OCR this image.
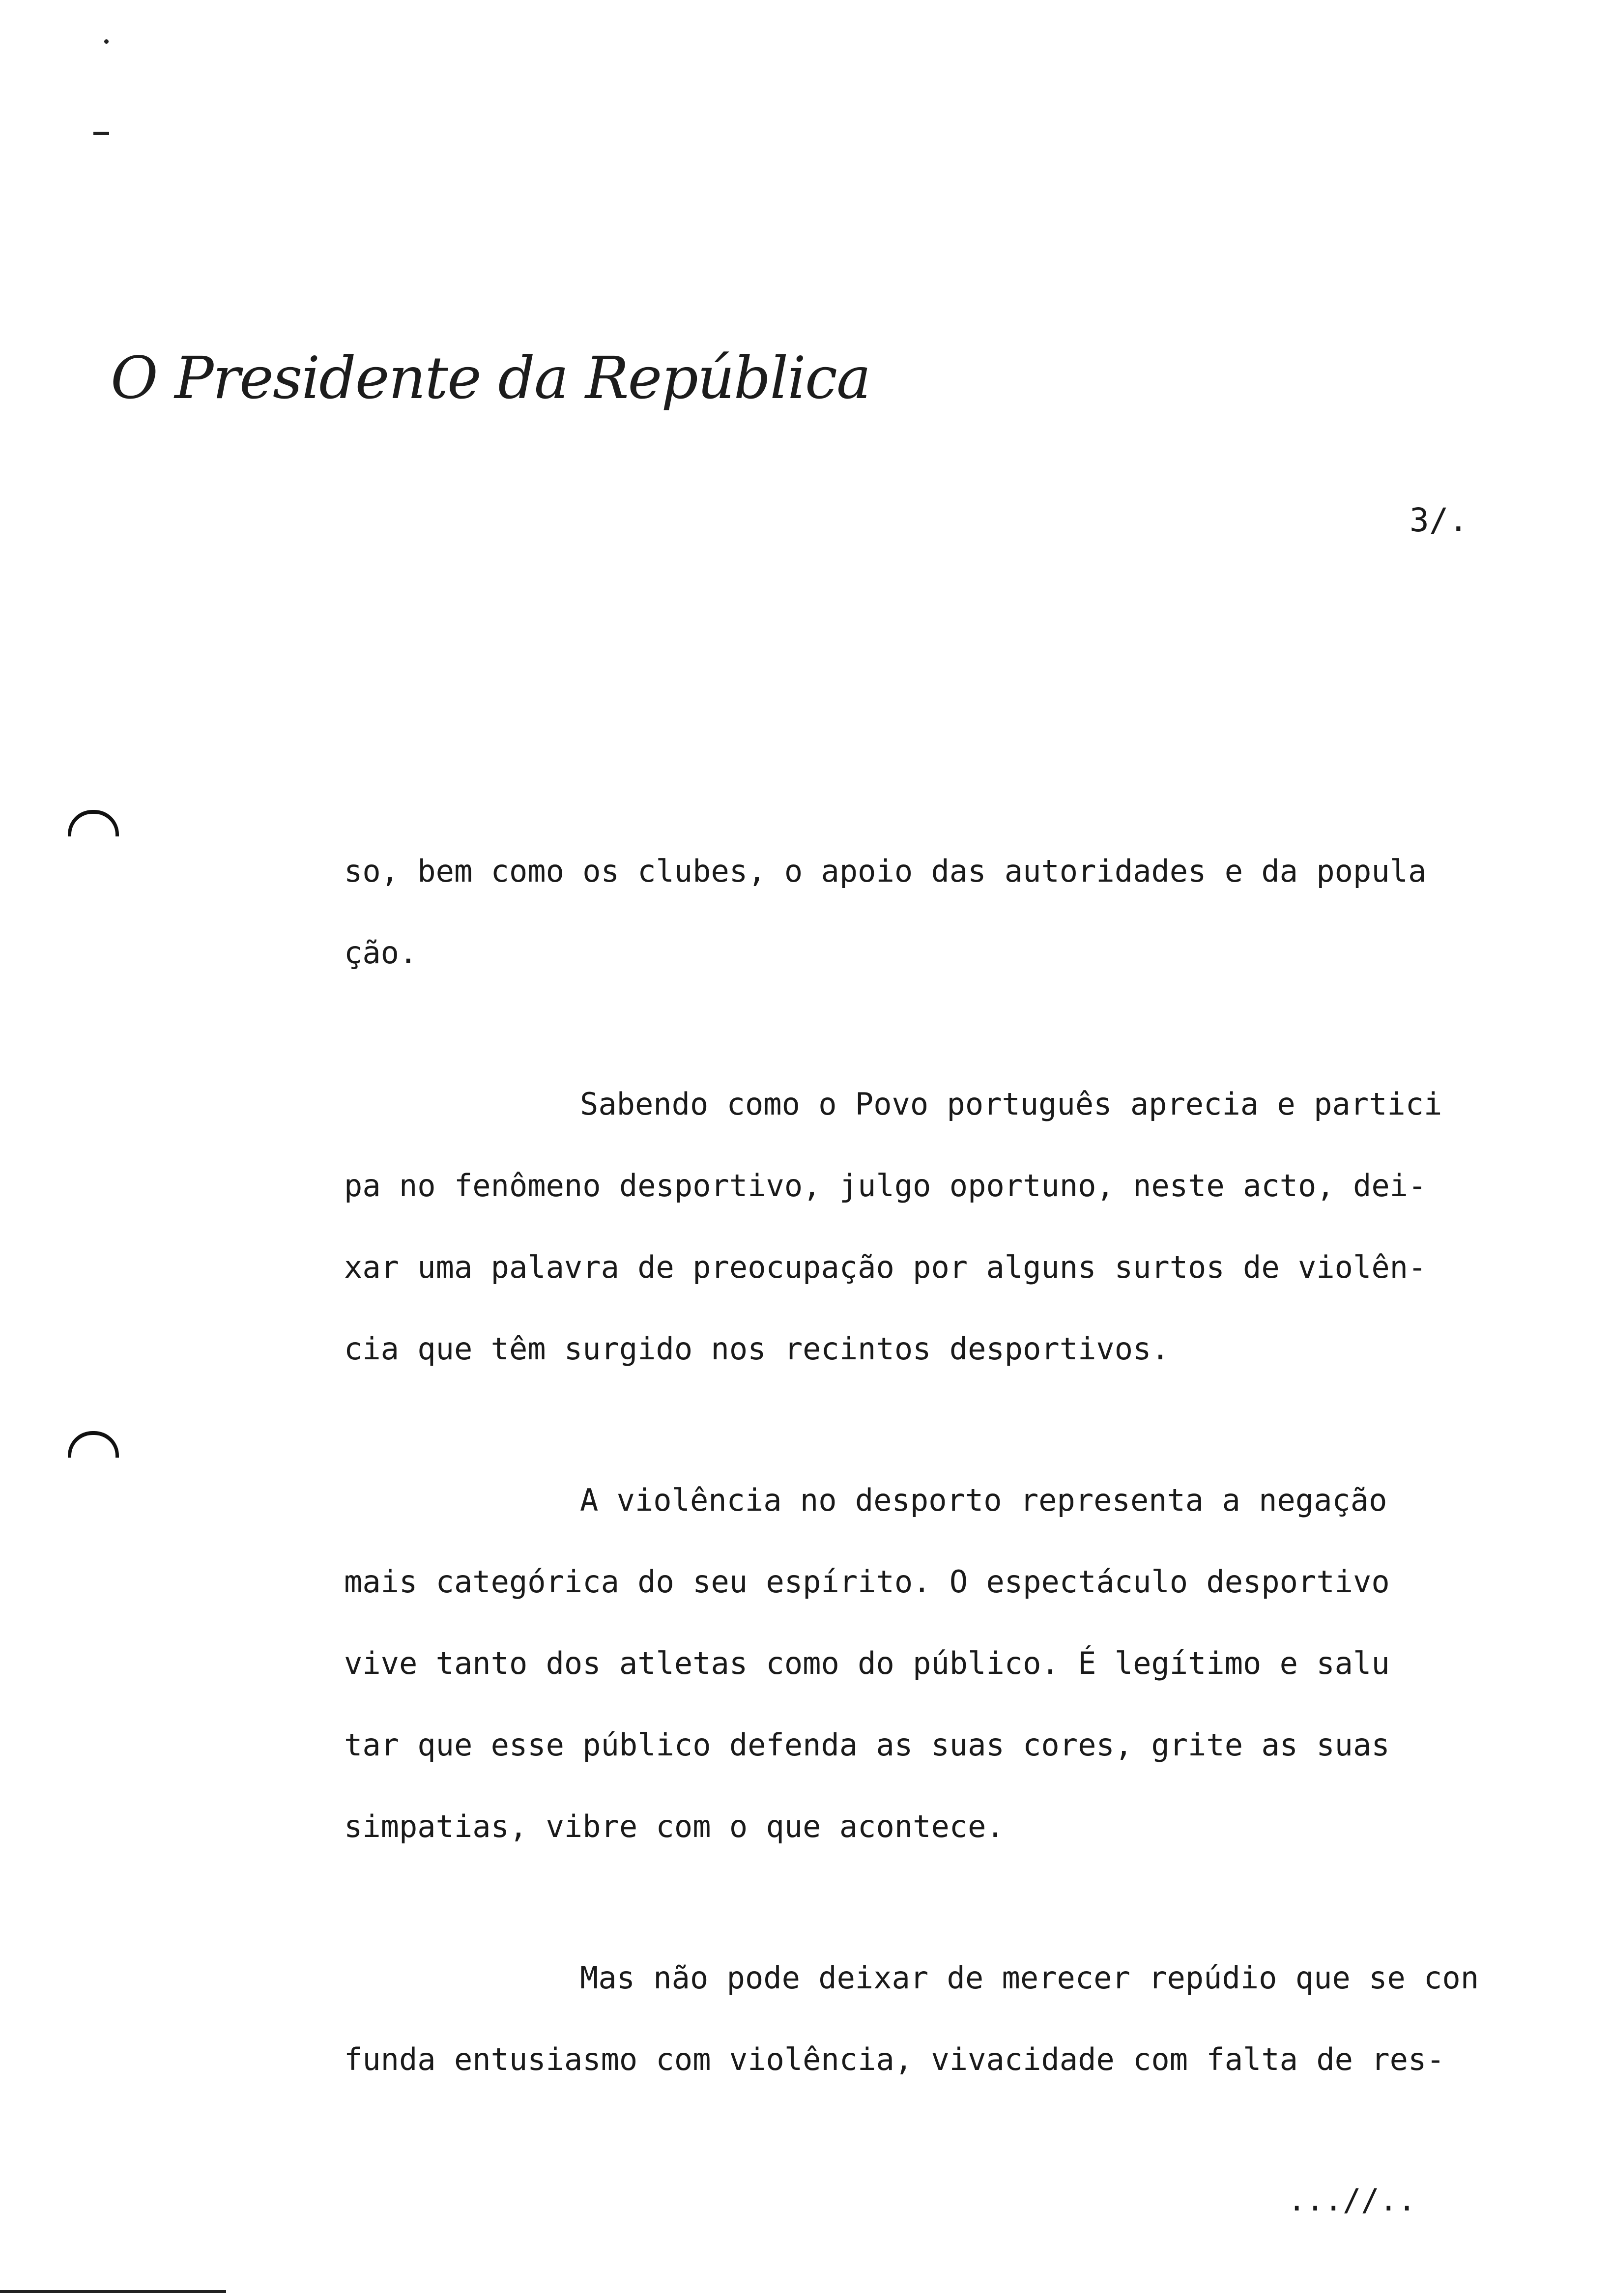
O Presidente da República
3/.

so, bem como os clubes, o apoio das autoridades e da popula
ção.

Sabendo como o Povo português aprecia e partici
pa no fenômeno desportivo, julgo oportuno, neste acto, dei-
xar uma palavra de preocupação por alguns surtos de violên-
cia que têm surgido nos recintos desportivos.

A violência no desporto representa a negação
mais categórica do seu espírito. O espectáculo desportivo
vive tanto dos atletas como do público. É legítimo e salu
tar que esse público defenda as suas cores, grite as suas
simpatias, vibre com o que acontece.

Mas não pode deixar de merecer repúdio que se con
funda entusiasmo com violência, vivacidade com falta de res-

...//..
